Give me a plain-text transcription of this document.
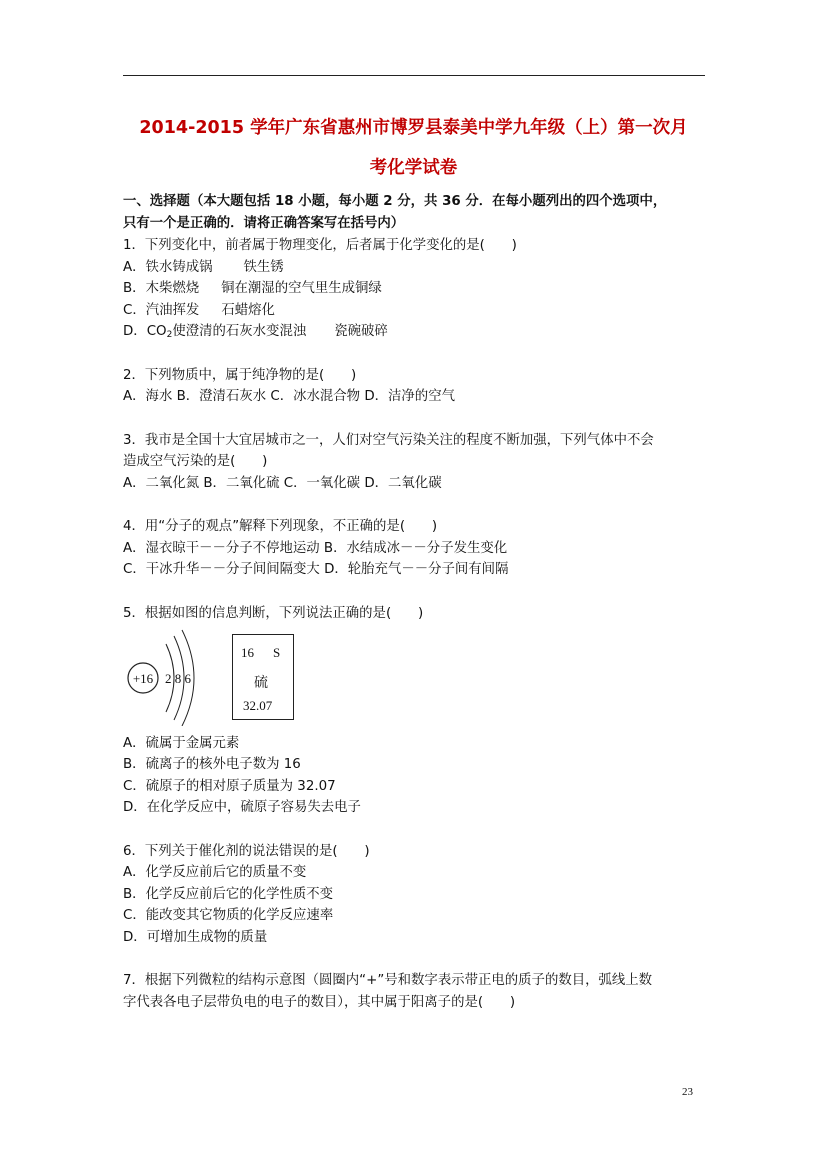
2014-2015 学年广东省惠州市博罗县泰美中学九年级（上）第一次月
考化学试卷
一、选择题（本大题包括 18 小题，每小题 2 分，共 36 分．在每小题列出的四个选项中，
只有一个是正确的．请将正确答案写在括号内）
1．下列变化中，前者属于物理变化，后者属于化学变化的是(　　)
A．铁水铸成锅 铁生锈
B．木柴燃烧 铜在潮湿的空气里生成铜绿
C．汽油挥发 石蜡熔化
D．$CO_2$使澄清的石灰水变混浊 瓷碗破碎
2．下列物质中，属于纯净物的是(　　)
A．海水 B．澄清石灰水 C．冰水混合物 D．洁净的空气
3．我市是全国十大宜居城市之一，人们对空气污染关注的程度不断加强，下列气体中不会
造成空气污染的是(　　)
A．二氧化氮 B．二氧化硫 C．一氧化碳 D．二氧化碳
4．用“分子的观点”解释下列现象，不正确的是(　　)
A．湿衣晾干－－分子不停地运动 B．水结成冰－－分子发生变化
C．干冰升华－－分子间间隔变大 D．轮胎充气－－分子间有间隔
5．根据如图的信息判断，下列说法正确的是(　　)
+16 2 8 6
16 S
硫
32.07
A．硫属于金属元素
B．硫离子的核外电子数为 16
C．硫原子的相对原子质量为 32.07
D．在化学反应中，硫原子容易失去电子
6．下列关于催化剂的说法错误的是(　　)
A．化学反应前后它的质量不变
B．化学反应前后它的化学性质不变
C．能改变其它物质的化学反应速率
D．可增加生成物的质量
7．根据下列微粒的结构示意图（圆圈内“+”号和数字表示带正电的质子的数目，弧线上数
字代表各电子层带负电的电子的数目），其中属于阳离子的是(　　)
23
